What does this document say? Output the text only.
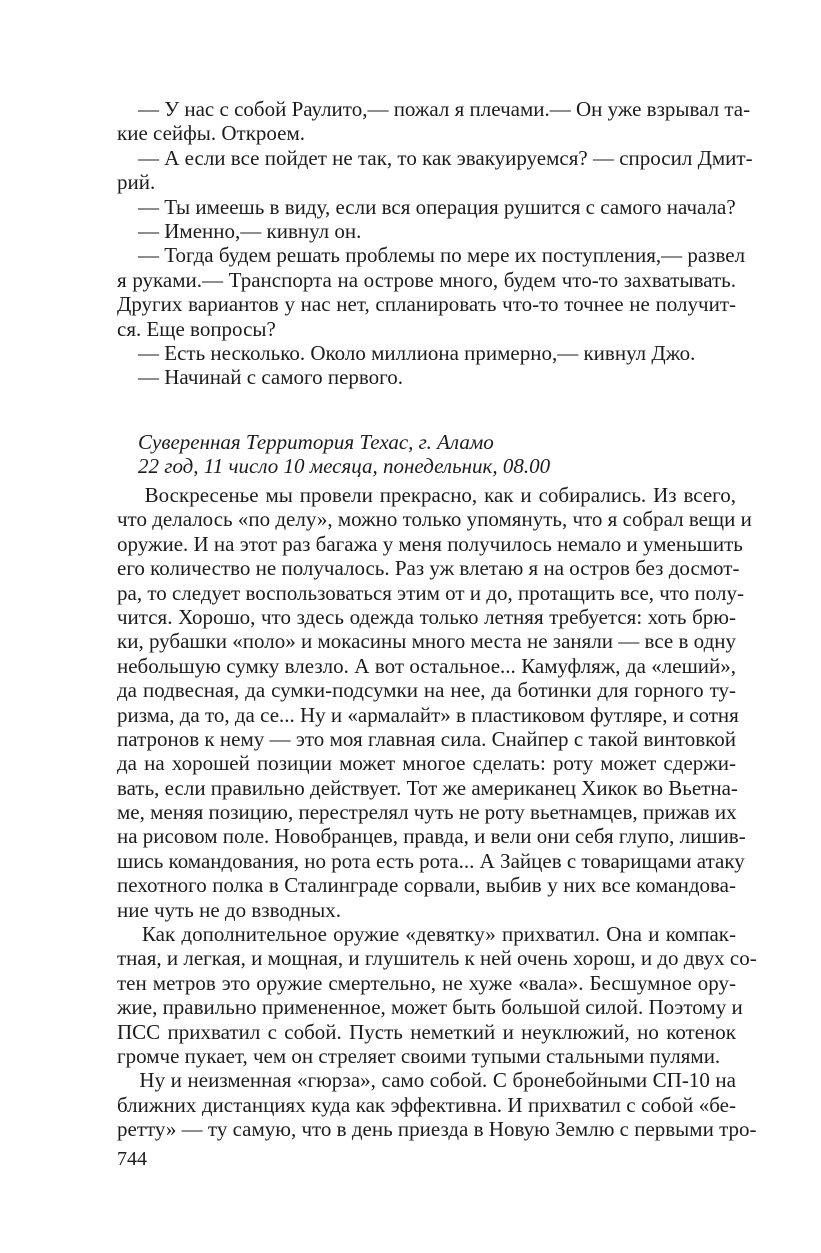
— У нас с собой Раулито,— пожал я плечами.— Он уже взрывал та-
кие сейфы. Откроем.
— А если все пойдет не так, то как эвакуируемся? — спросил Дмит-
рий.
— Ты имеешь в виду, если вся операция рушится с самого начала?
— Именно,— кивнул он.
— Тогда будем решать проблемы по мере их поступления,— развел
я руками.— Транспорта на острове много, будем что-то захватывать.
Других вариантов у нас нет, спланировать что-то точнее не получит-
ся. Еще вопросы?
— Есть несколько. Около миллиона примерно,— кивнул Джо.
— Начинай с самого первого.
Суверенная Территория Техас, г. Аламо
22 год, 11 число 10 месяца, понедельник, 08.00
Воскресенье мы провели прекрасно, как и собирались. Из всего,
что делалось «по делу», можно только упомянуть, что я собрал вещи и
оружие. И на этот раз багажа у меня получилось немало и уменьшить
его количество не получалось. Раз уж влетаю я на остров без досмот-
ра, то следует воспользоваться этим от и до, протащить все, что полу-
чится. Хорошо, что здесь одежда только летняя требуется: хоть брю-
ки, рубашки «поло» и мокасины много места не заняли — все в одну
небольшую сумку влезло. А вот остальное... Камуфляж, да «леший»,
да подвесная, да сумки-подсумки на нее, да ботинки для горного ту-
ризма, да то, да се... Ну и «армалайт» в пластиковом футляре, и сотня
патронов к нему — это моя главная сила. Снайпер с такой винтовкой
да на хорошей позиции может многое сделать: роту может сдержи-
вать, если правильно действует. Тот же американец Хикок во Вьетна-
ме, меняя позицию, перестрелял чуть не роту вьетнамцев, прижав их
на рисовом поле. Новобранцев, правда, и вели они себя глупо, лишив-
шись командования, но рота есть рота... А Зайцев с товарищами атаку
пехотного полка в Сталинграде сорвали, выбив у них все командова-
ние чуть не до взводных.
Как дополнительное оружие «девятку» прихватил. Она и компак-
тная, и легкая, и мощная, и глушитель к ней очень хорош, и до двух со-
тен метров это оружие смертельно, не хуже «вала». Бесшумное ору-
жие, правильно примененное, может быть большой силой. Поэтому и
ПСС прихватил с собой. Пусть неметкий и неуклюжий, но котенок
громче пукает, чем он стреляет своими тупыми стальными пулями.
Ну и неизменная «гюрза», само собой. С бронебойными СП-10 на
ближних дистанциях куда как эффективна. И прихватил с собой «бе-
ретту» — ту самую, что в день приезда в Новую Землю с первыми тро-
744
